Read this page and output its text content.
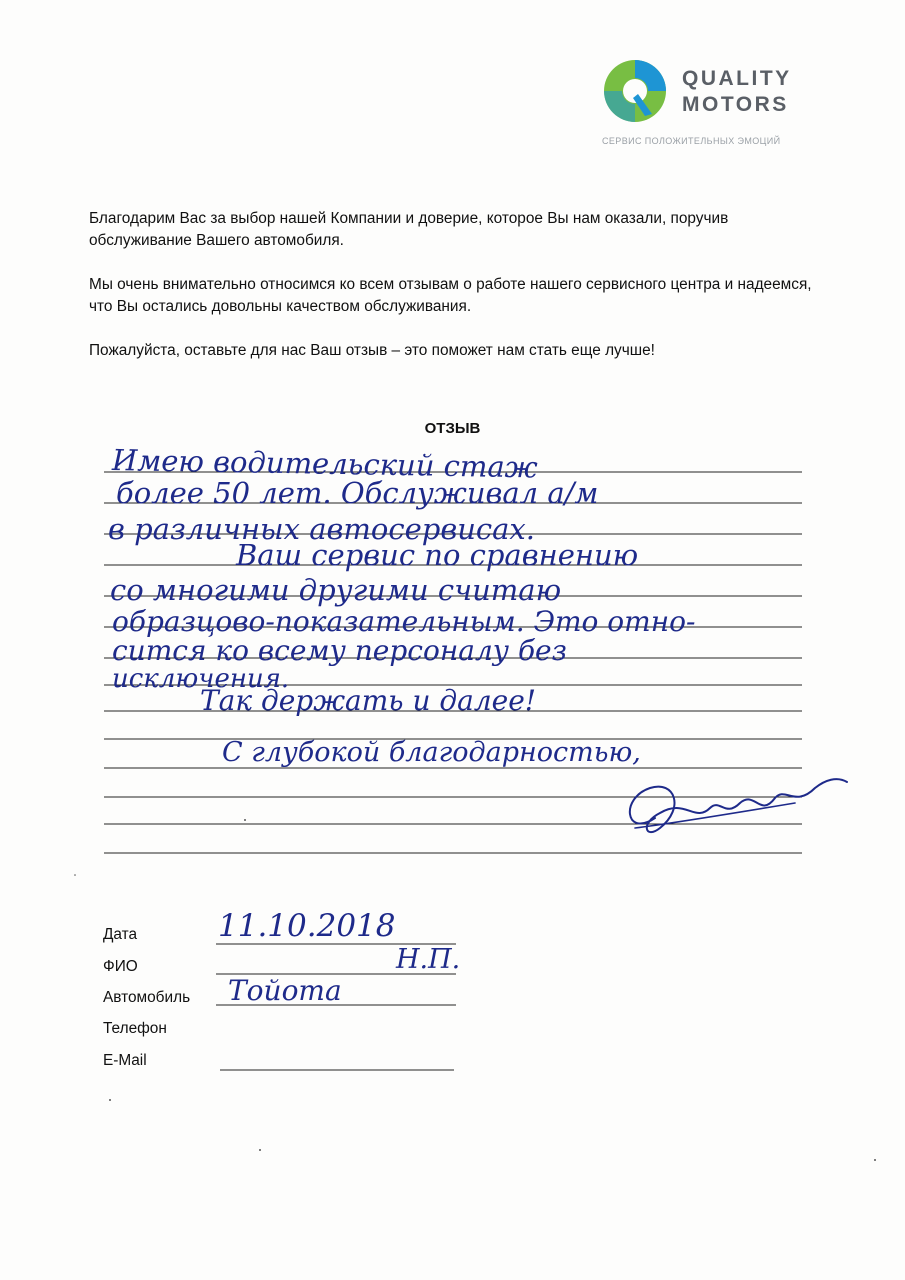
QUALITY
MOTORS
СЕРВИС ПОЛОЖИТЕЛЬНЫХ ЭМОЦИЙ
Благодарим Вас за выбор нашей Компании и доверие, которое Вы нам оказали, поручив обслуживание Вашего автомобиля.
Мы очень внимательно относимся ко всем отзывам о работе нашего сервисного центра и надеемся, что Вы остались довольны качеством обслуживания.
Пожалуйста, оставьте для нас Ваш отзыв – это поможет нам стать еще лучше!
ОТЗЫВ
Имею водительский стаж
более 50 лет. Обслуживал а/м
в различных автосервисах.
Ваш сервис по сравнению
со многими другими считаю
образцово-показательным. Это отно-
сится ко всему персоналу без
исключения.
Так держать и далее!
С глубокой благодарностью,
Дата	11.10.2018
ФИО	Н.П.
Автомобиль Тойота
Телефон
E-Mail
